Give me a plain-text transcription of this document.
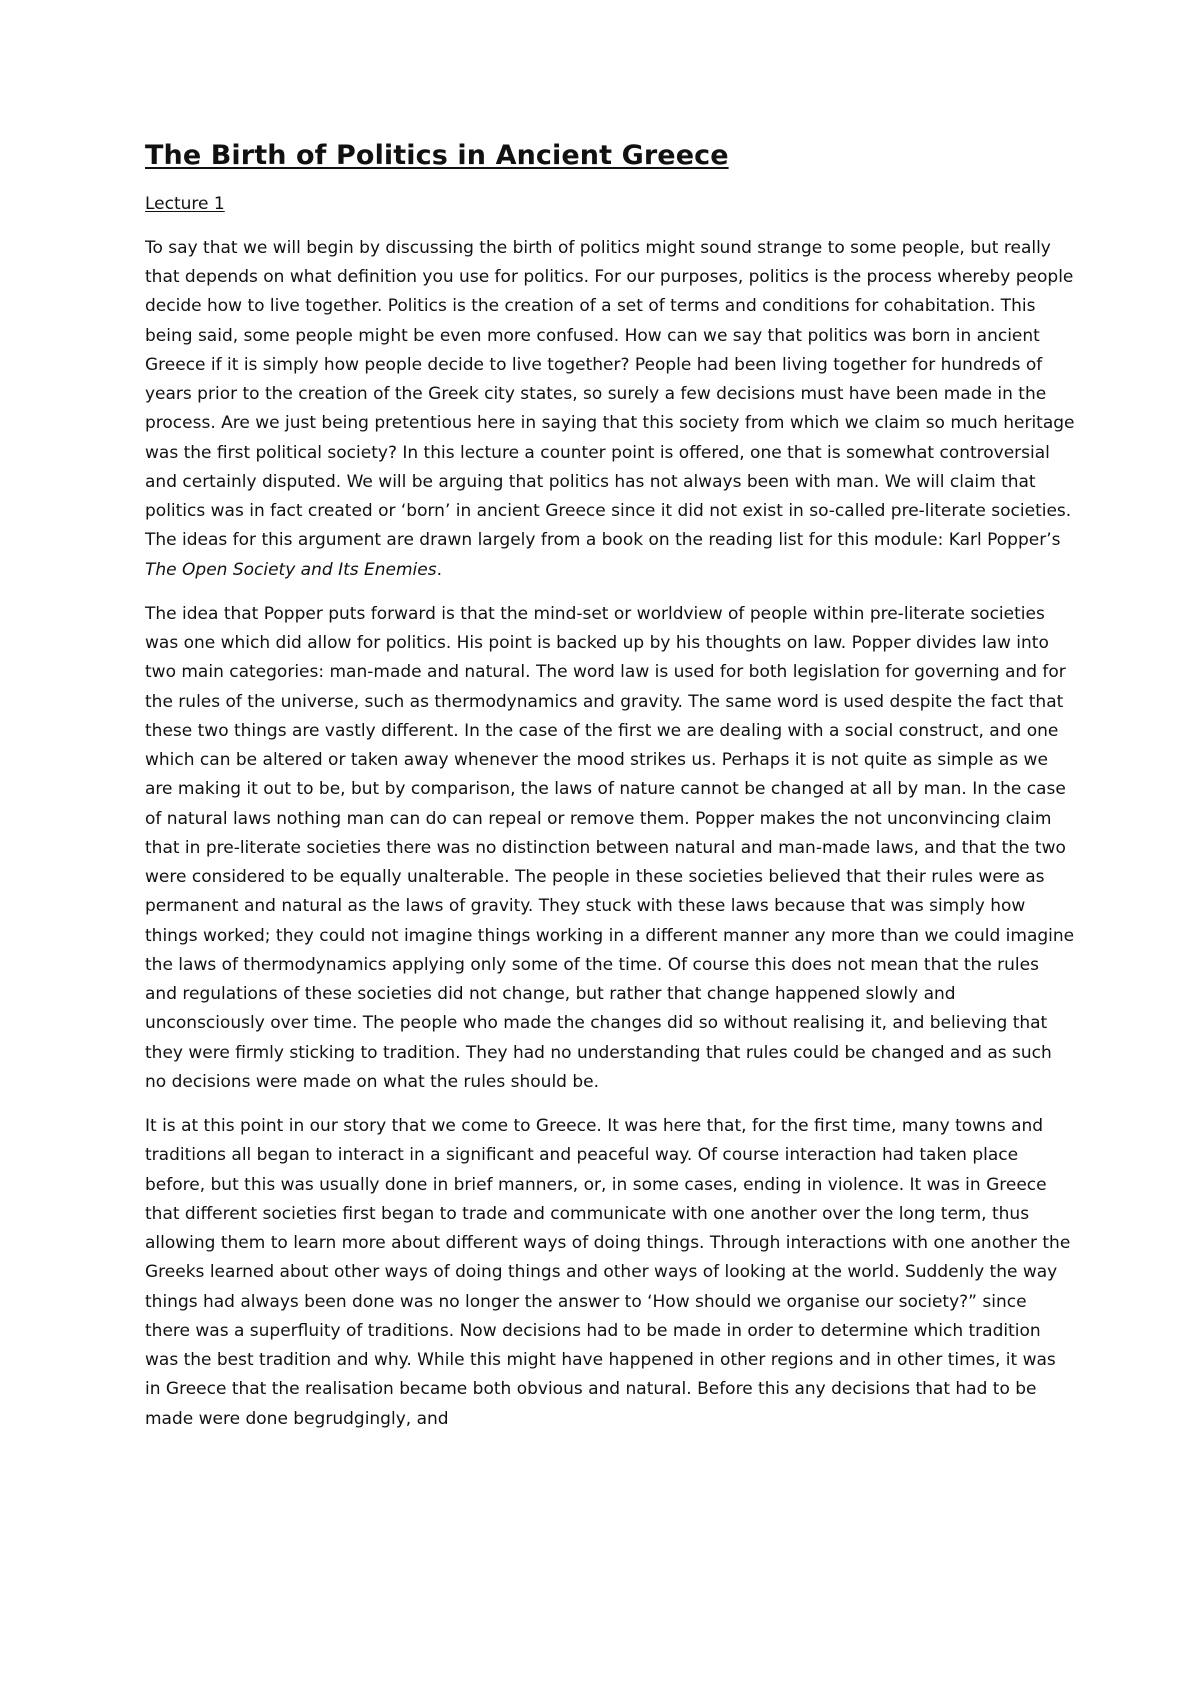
The Birth of Politics in Ancient Greece

Lecture 1

To say that we will begin by discussing the birth of politics might sound strange to some people, but really that depends on what definition you use for politics. For our purposes, politics is the process whereby people decide how to live together. Politics is the creation of a set of terms and conditions for cohabitation. This being said, some people might be even more confused. How can we say that politics was born in ancient Greece if it is simply how people decide to live together? People had been living together for hundreds of years prior to the creation of the Greek city states, so surely a few decisions must have been made in the process. Are we just being pretentious here in saying that this society from which we claim so much heritage was the first political society? In this lecture a counter point is offered, one that is somewhat controversial and certainly disputed. We will be arguing that politics has not always been with man. We will claim that politics was in fact created or ‘born’ in ancient Greece since it did not exist in so-called pre-literate societies. The ideas for this argument are drawn largely from a book on the reading list for this module: Karl Popper’s The Open Society and Its Enemies.

The idea that Popper puts forward is that the mind-set or worldview of people within pre-literate societies was one which did allow for politics. His point is backed up by his thoughts on law. Popper divides law into two main categories: man-made and natural. The word law is used for both legislation for governing and for the rules of the universe, such as thermodynamics and gravity. The same word is used despite the fact that these two things are vastly different. In the case of the first we are dealing with a social construct, and one which can be altered or taken away whenever the mood strikes us. Perhaps it is not quite as simple as we are making it out to be, but by comparison, the laws of nature cannot be changed at all by man. In the case of natural laws nothing man can do can repeal or remove them. Popper makes the not unconvincing claim that in pre-literate societies there was no distinction between natural and man-made laws, and that the two were considered to be equally unalterable. The people in these societies believed that their rules were as permanent and natural as the laws of gravity. They stuck with these laws because that was simply how things worked; they could not imagine things working in a different manner any more than we could imagine the laws of thermodynamics applying only some of the time. Of course this does not mean that the rules and regulations of these societies did not change, but rather that change happened slowly and unconsciously over time. The people who made the changes did so without realising it, and believing that they were firmly sticking to tradition. They had no understanding that rules could be changed and as such no decisions were made on what the rules should be.

It is at this point in our story that we come to Greece. It was here that, for the first time, many towns and traditions all began to interact in a significant and peaceful way. Of course interaction had taken place before, but this was usually done in brief manners, or, in some cases, ending in violence. It was in Greece that different societies first began to trade and communicate with one another over the long term, thus allowing them to learn more about different ways of doing things. Through interactions with one another the Greeks learned about other ways of doing things and other ways of looking at the world. Suddenly the way things had always been done was no longer the answer to ‘How should we organise our society?” since there was a superfluity of traditions. Now decisions had to be made in order to determine which tradition was the best tradition and why. While this might have happened in other regions and in other times, it was in Greece that the realisation became both obvious and natural. Before this any decisions that had to be made were done begrudgingly, and
